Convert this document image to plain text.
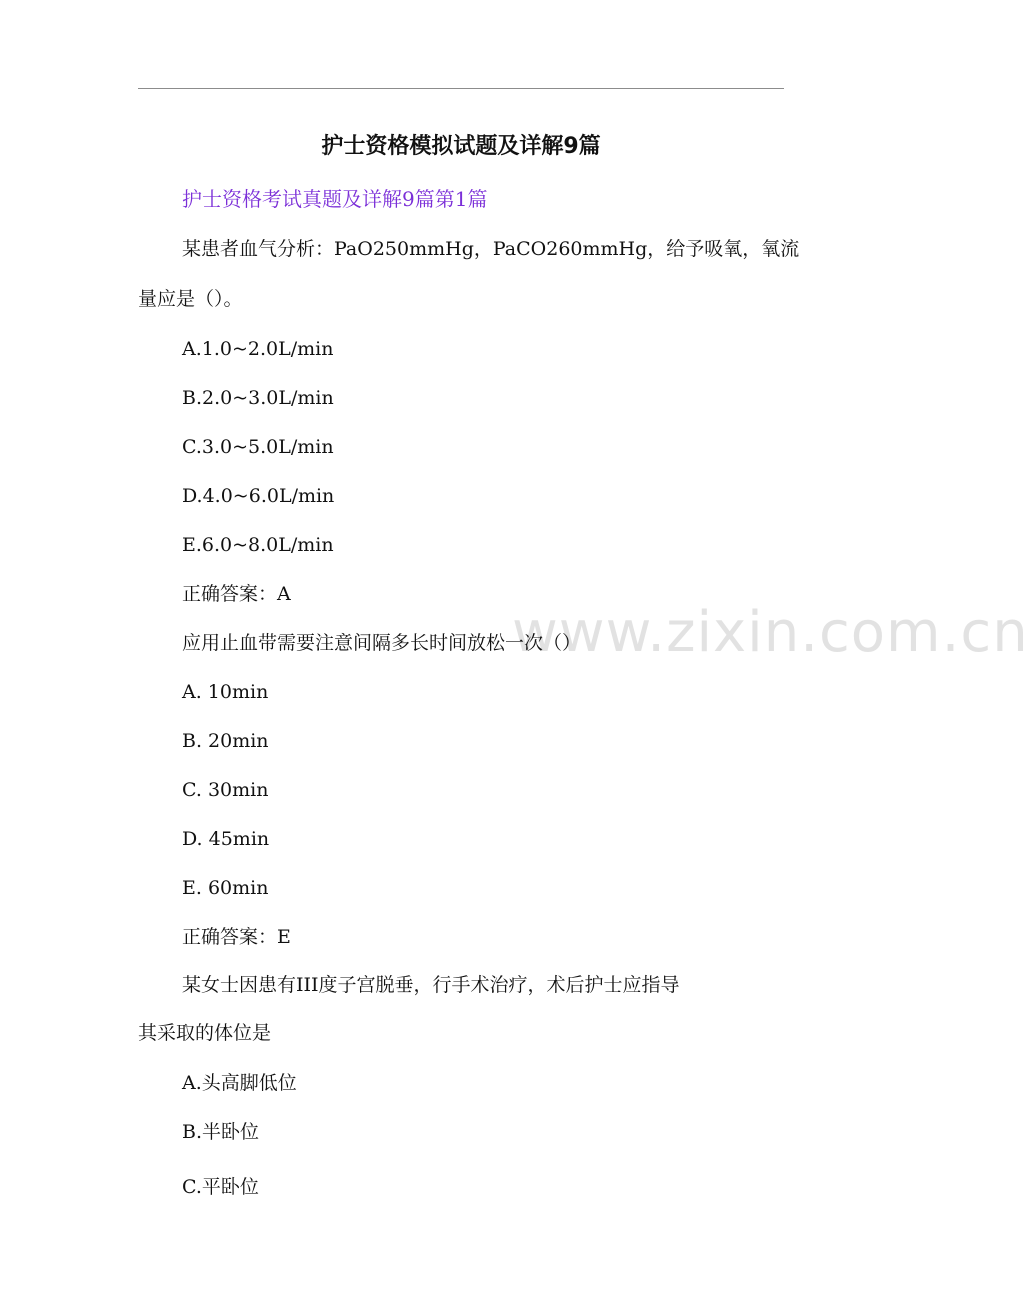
www.zixin.com.cn
护士资格模拟试题及详解9篇
护士资格考试真题及详解9篇第1篇
某患者血气分析：PaO250mmHg，PaCO260mmHg，给予吸氧，氧流
量应是（）。
A.1.0~2.0L/min
B.2.0~3.0L/min
C.3.0~5.0L/min
D.4.0~6.0L/min
E.6.0~8.0L/min
正确答案：A
应用止血带需要注意间隔多长时间放松一次（）
A. 10min
B. 20min
C. 30min
D. 45min
E. 60min
正确答案：E
某女士因患有III度子宫脱垂，行手术治疗，术后护士应指导
其采取的体位是
A.头高脚低位
B.半卧位
C.平卧位
